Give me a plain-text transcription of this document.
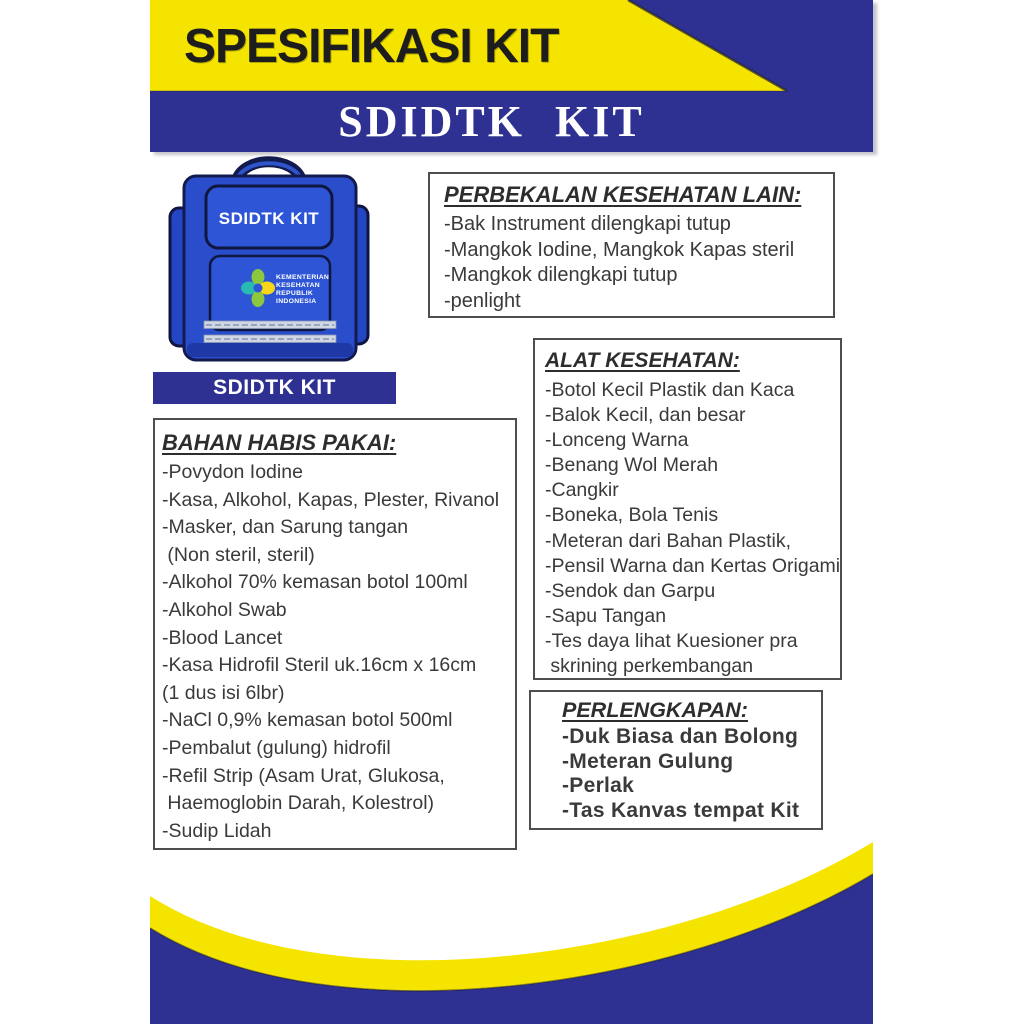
SPESIFIKASI KIT
SDIDTK KIT
SDIDTK KIT
KEMENTERIAN
KESEHATAN
REPUBLIK
INDONESIA
SDIDTK KIT
PERBEKALAN KESEHATAN LAIN:
-Bak Instrument dilengkapi tutup
-Mangkok Iodine, Mangkok Kapas steril
-Mangkok dilengkapi tutup
-penlight
ALAT KESEHATAN:
-Botol Kecil Plastik dan Kaca
-Balok Kecil, dan besar
-Lonceng Warna
-Benang Wol Merah
-Cangkir
-Boneka, Bola Tenis
-Meteran dari Bahan Plastik,
-Pensil Warna dan Kertas Origami
-Sendok dan Garpu
-Sapu Tangan
-Tes daya lihat Kuesioner pra
skrining perkembangan
BAHAN HABIS PAKAI:
-Povydon Iodine
-Kasa, Alkohol, Kapas, Plester, Rivanol
-Masker, dan Sarung tangan
(Non steril, steril)
-Alkohol 70% kemasan botol 100ml
-Alkohol Swab
-Blood Lancet
-Kasa Hidrofil Steril uk.16cm x 16cm
(1 dus isi 6lbr)
-NaCl 0,9% kemasan botol 500ml
-Pembalut (gulung) hidrofil
-Refil Strip (Asam Urat, Glukosa,
Haemoglobin Darah, Kolestrol)
-Sudip Lidah
PERLENGKAPAN:
-Duk Biasa dan Bolong
-Meteran Gulung
-Perlak
-Tas Kanvas tempat Kit
